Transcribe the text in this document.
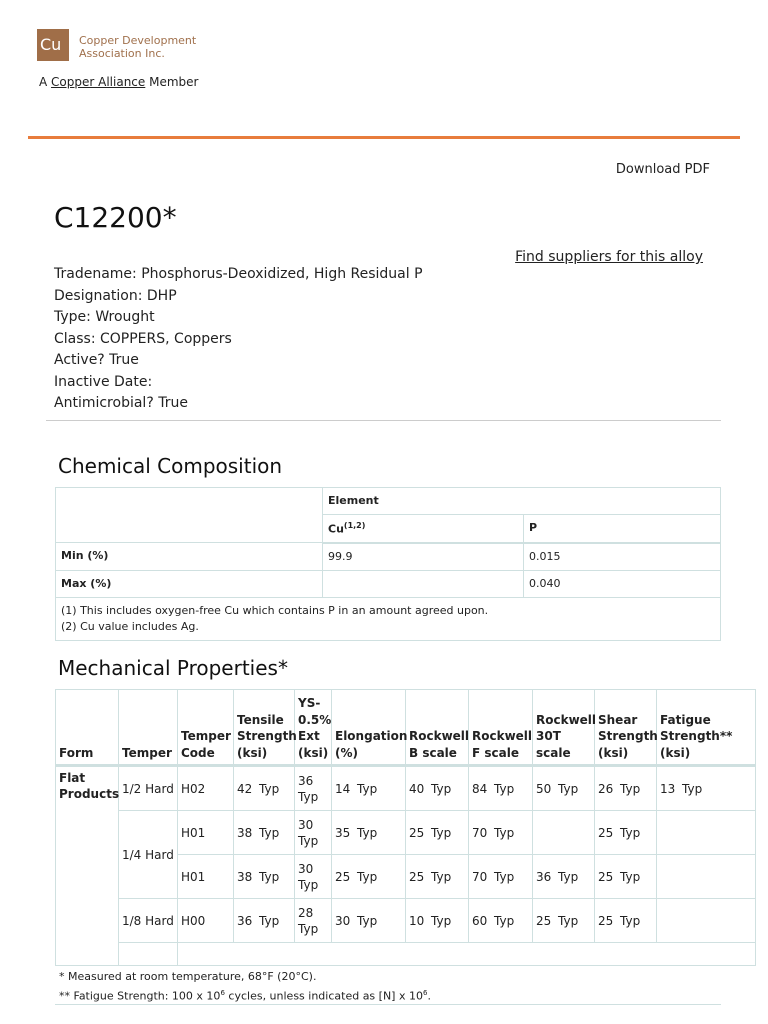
Cu	Copper Development
Association Inc.
A Copper Alliance Member
Download PDF
C12200*
Find suppliers for this alloy
Tradename: Phosphorus-Deoxidized, High Residual P
Designation: DHP
Type: Wrought
Class: COPPERS, Coppers
Active? True
Inactive Date:
Antimicrobial? True
Chemical Composition
	Element	
	Cu$^{(1,2)}$	P
Min (%)	99.9	0.015
Max (%)		0.040

(1) This includes oxygen-free Cu which contains P in an amount agreed upon.
(2) Cu value includes Ag.		
Mechanical Properties*
Form	Temper	Temper Code	Tensile Strength (ksi)	YS-0.5% Ext (ksi)	Elongation (%)	Rockwell B scale	Rockwell F scale	Rockwell 30T scale	Shear Strength (ksi)	Fatigue Strength** (ksi)
Flat Products	1/2 Hard	H02	42 Typ	36
Typ	14 Typ	40 Typ	84 Typ	50 Typ	26 Typ	13 Typ
	1/4 Hard	H01	38 Typ	30
Typ	35 Typ	25 Typ	70 Typ		25 Typ	
		H01	38 Typ	30
Typ	25 Typ	25 Typ	70 Typ	36 Typ	25 Typ	
	1/8 Hard	H00	36 Typ	28
Typ	30 Typ	10 Typ	60 Typ	25 Typ	25 Typ	

* Measured at room temperature, 68°F (20°C).
** Fatigue Strength: 100 x $10^6$ cycles, unless indicated as [N] x $10^6$.
